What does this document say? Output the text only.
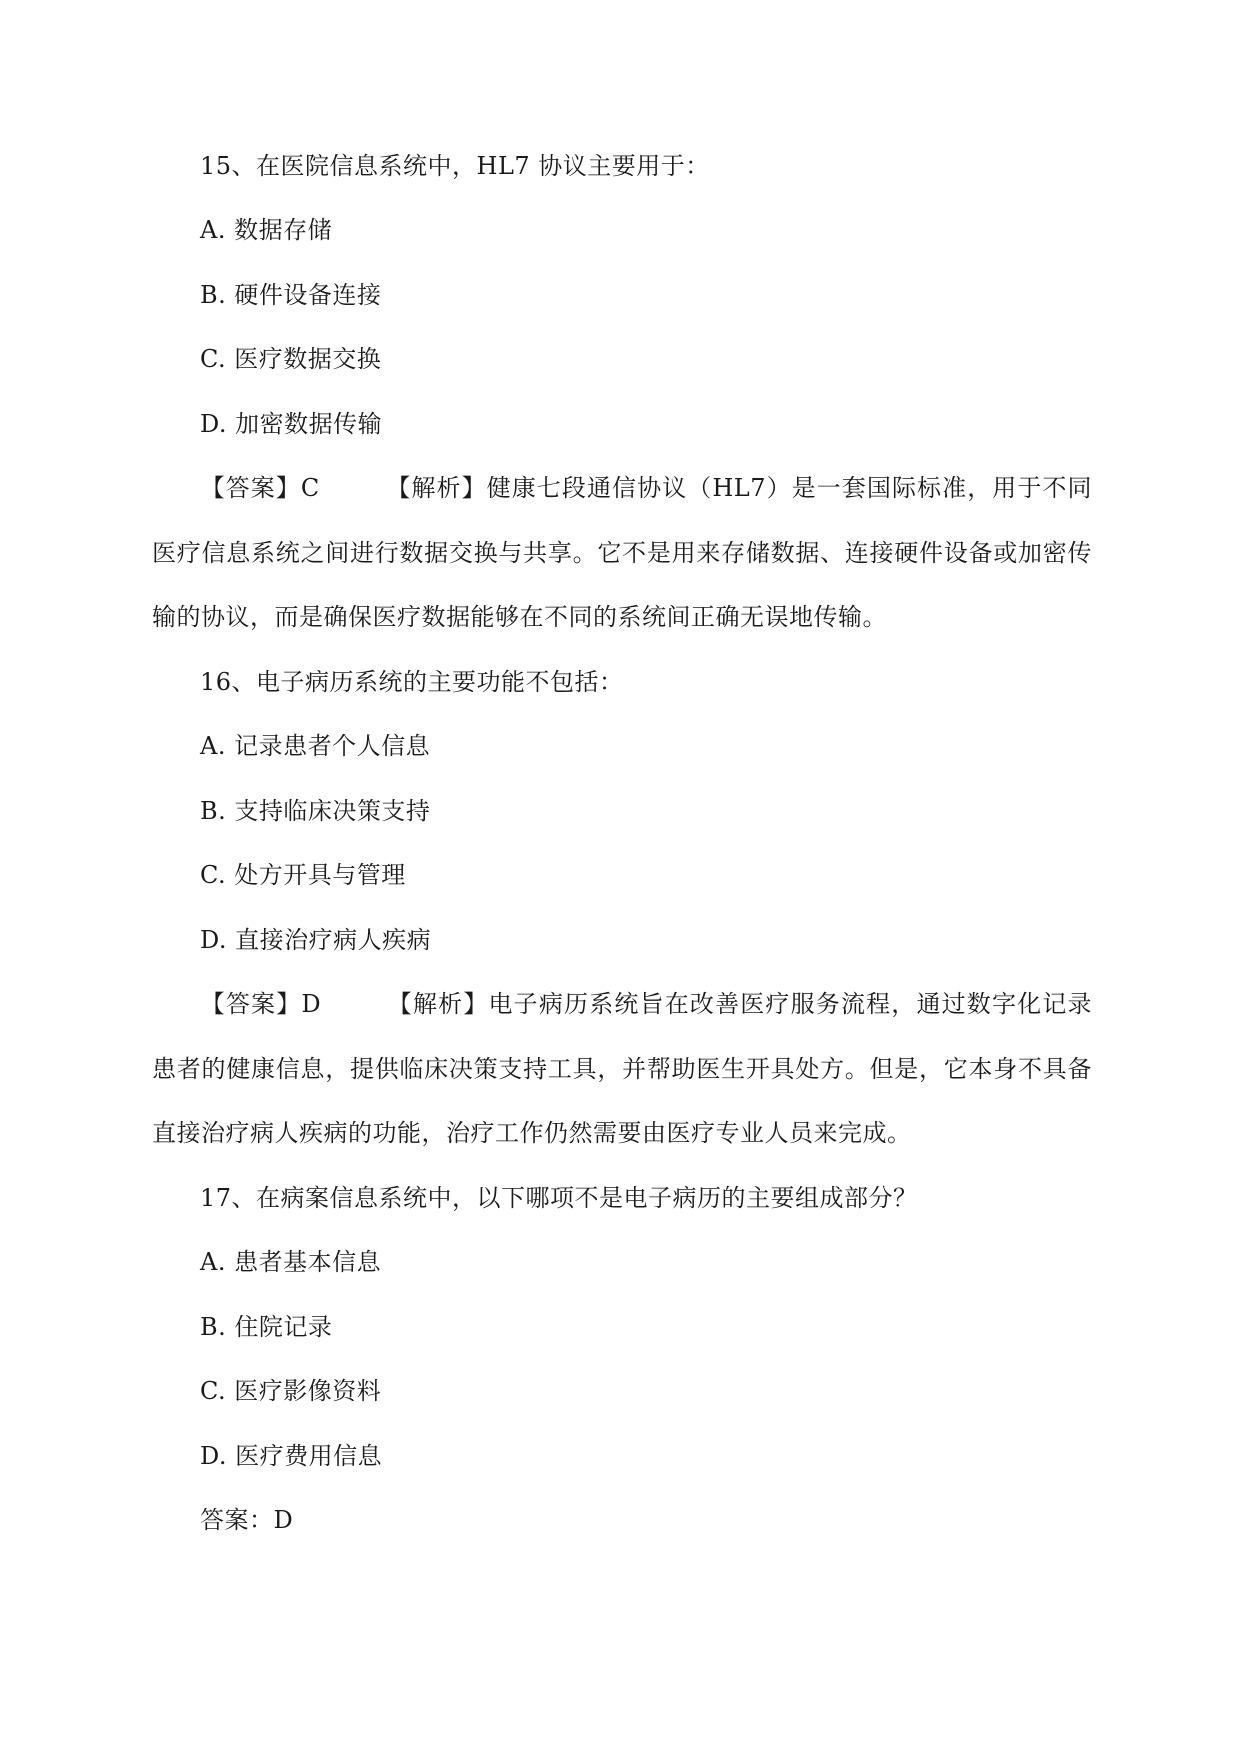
15、在医院信息系统中，HL7 协议主要用于：
A. 数据存储
B. 硬件设备连接
C. 医疗数据交换
D. 加密数据传输
【答案】C	【解析】健康七段通信协议（HL7）是一套国际标准，用于不同医疗信息系统之间进行数据交换与共享。它不是用来存储数据、连接硬件设备或加密传输的协议，而是确保医疗数据能够在不同的系统间正确无误地传输。
16、电子病历系统的主要功能不包括：
A. 记录患者个人信息
B. 支持临床决策支持
C. 处方开具与管理
D. 直接治疗病人疾病
【答案】D	【解析】电子病历系统旨在改善医疗服务流程，通过数字化记录患者的健康信息，提供临床决策支持工具，并帮助医生开具处方。但是，它本身不具备直接治疗病人疾病的功能，治疗工作仍然需要由医疗专业人员来完成。
17、在病案信息系统中，以下哪项不是电子病历的主要组成部分？
A. 患者基本信息
B. 住院记录
C. 医疗影像资料
D. 医疗费用信息
答案：D
